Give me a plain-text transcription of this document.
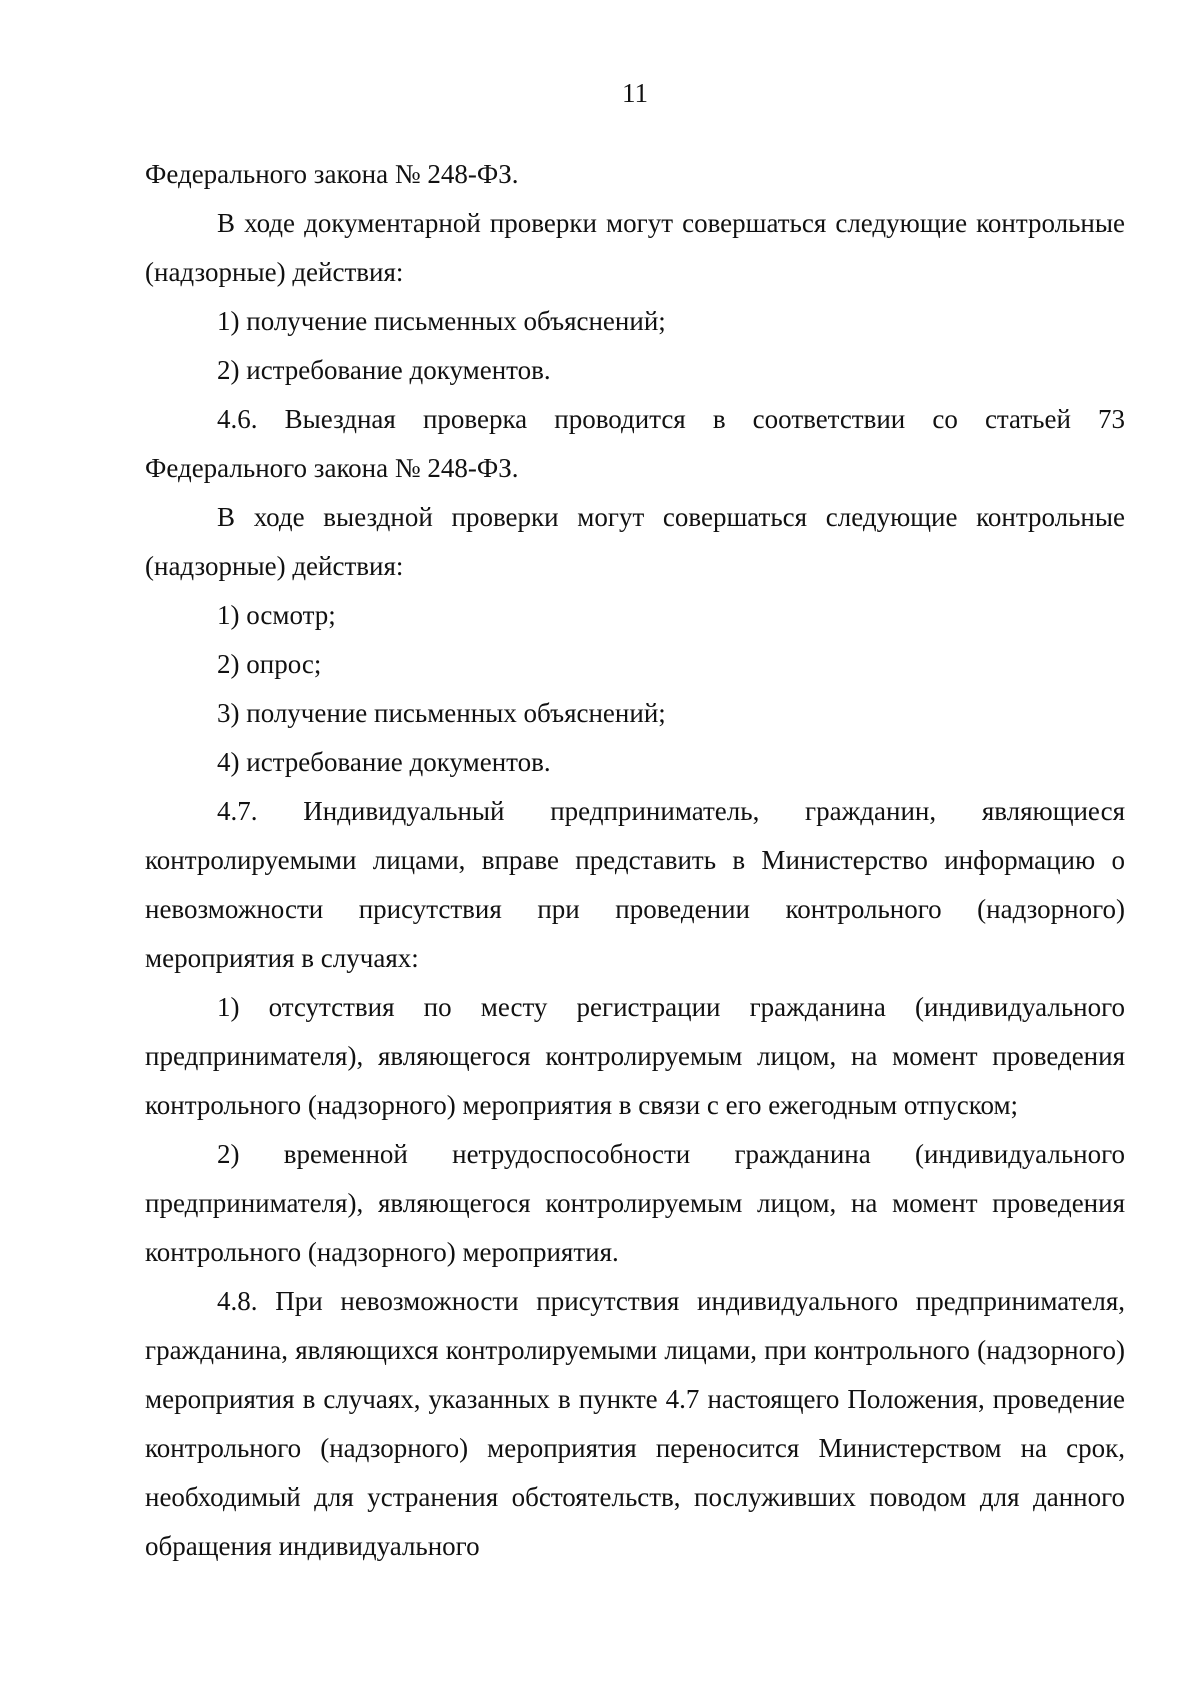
11

Федерального закона № 248-ФЗ.

В ходе документарной проверки могут совершаться следующие контрольные (надзорные) действия:

1) получение письменных объяснений;

2) истребование документов.

4.6. Выездная проверка проводится в соответствии со статьей 73 Федерального закона № 248-ФЗ.

В ходе выездной проверки могут совершаться следующие контрольные (надзорные) действия:

1) осмотр;

2) опрос;

3) получение письменных объяснений;

4) истребование документов.

4.7. Индивидуальный предприниматель, гражданин, являющиеся контролируемыми лицами, вправе представить в Министерство информацию о невозможности присутствия при проведении контрольного (надзорного) мероприятия в случаях:

1) отсутствия по месту регистрации гражданина (индивидуального предпринимателя), являющегося контролируемым лицом, на момент проведения контрольного (надзорного) мероприятия в связи с его ежегодным отпуском;

2) временной нетрудоспособности гражданина (индивидуального предпринимателя), являющегося контролируемым лицом, на момент проведения контрольного (надзорного) мероприятия.

4.8. При невозможности присутствия индивидуального предпринимателя, гражданина, являющихся контролируемыми лицами, при контрольного (надзорного) мероприятия в случаях, указанных в пункте 4.7 настоящего Положения, проведение контрольного (надзорного) мероприятия переносится Министерством на срок, необходимый для устранения обстоятельств, послуживших поводом для данного обращения индивидуального
